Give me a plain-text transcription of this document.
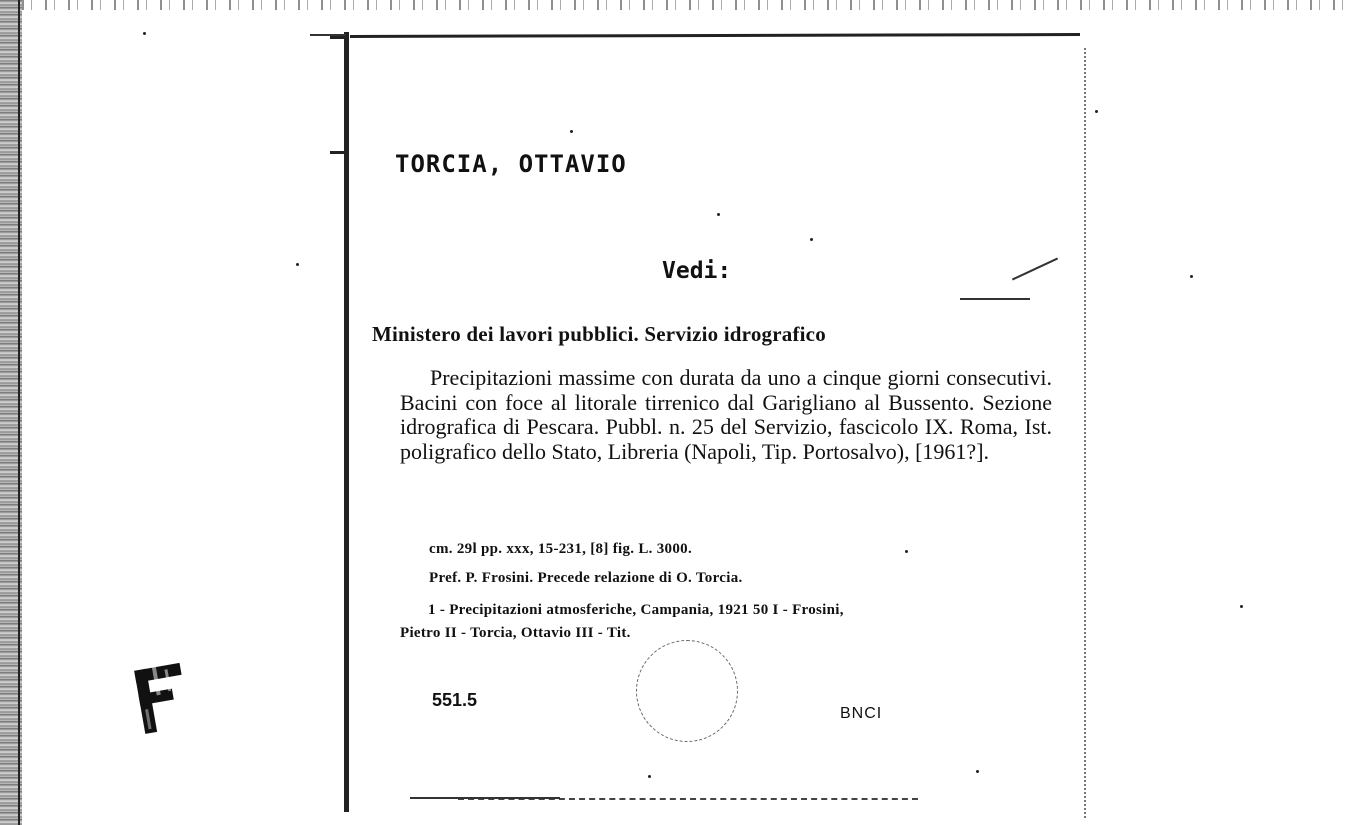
TORCIA, OTTAVIO
Vedi:
Ministero dei lavori pubblici. Servizio idrografico

Precipitazioni massime con durata da uno a cinque giorni consecutivi. Bacini con foce al litorale tirrenico dal Garigliano al Bussento. Sezione idrografica di Pescara. Pubbl. n. 25 del Servizio, fascicolo IX. Roma, Ist. poligrafico dello Stato, Libreria (Napoli, Tip. Portosalvo), [1961?].

cm. 29l pp. xxx, 15-231, [8] fig. L. 3000.
Pref. P. Frosini. Precede relazione di O. Torcia.
1 - Precipitazioni atmosferiche, Campania, 1921 50 I - Frosini,
Pietro II - Torcia, Ottavio III - Tit.
551.5
BNCI
